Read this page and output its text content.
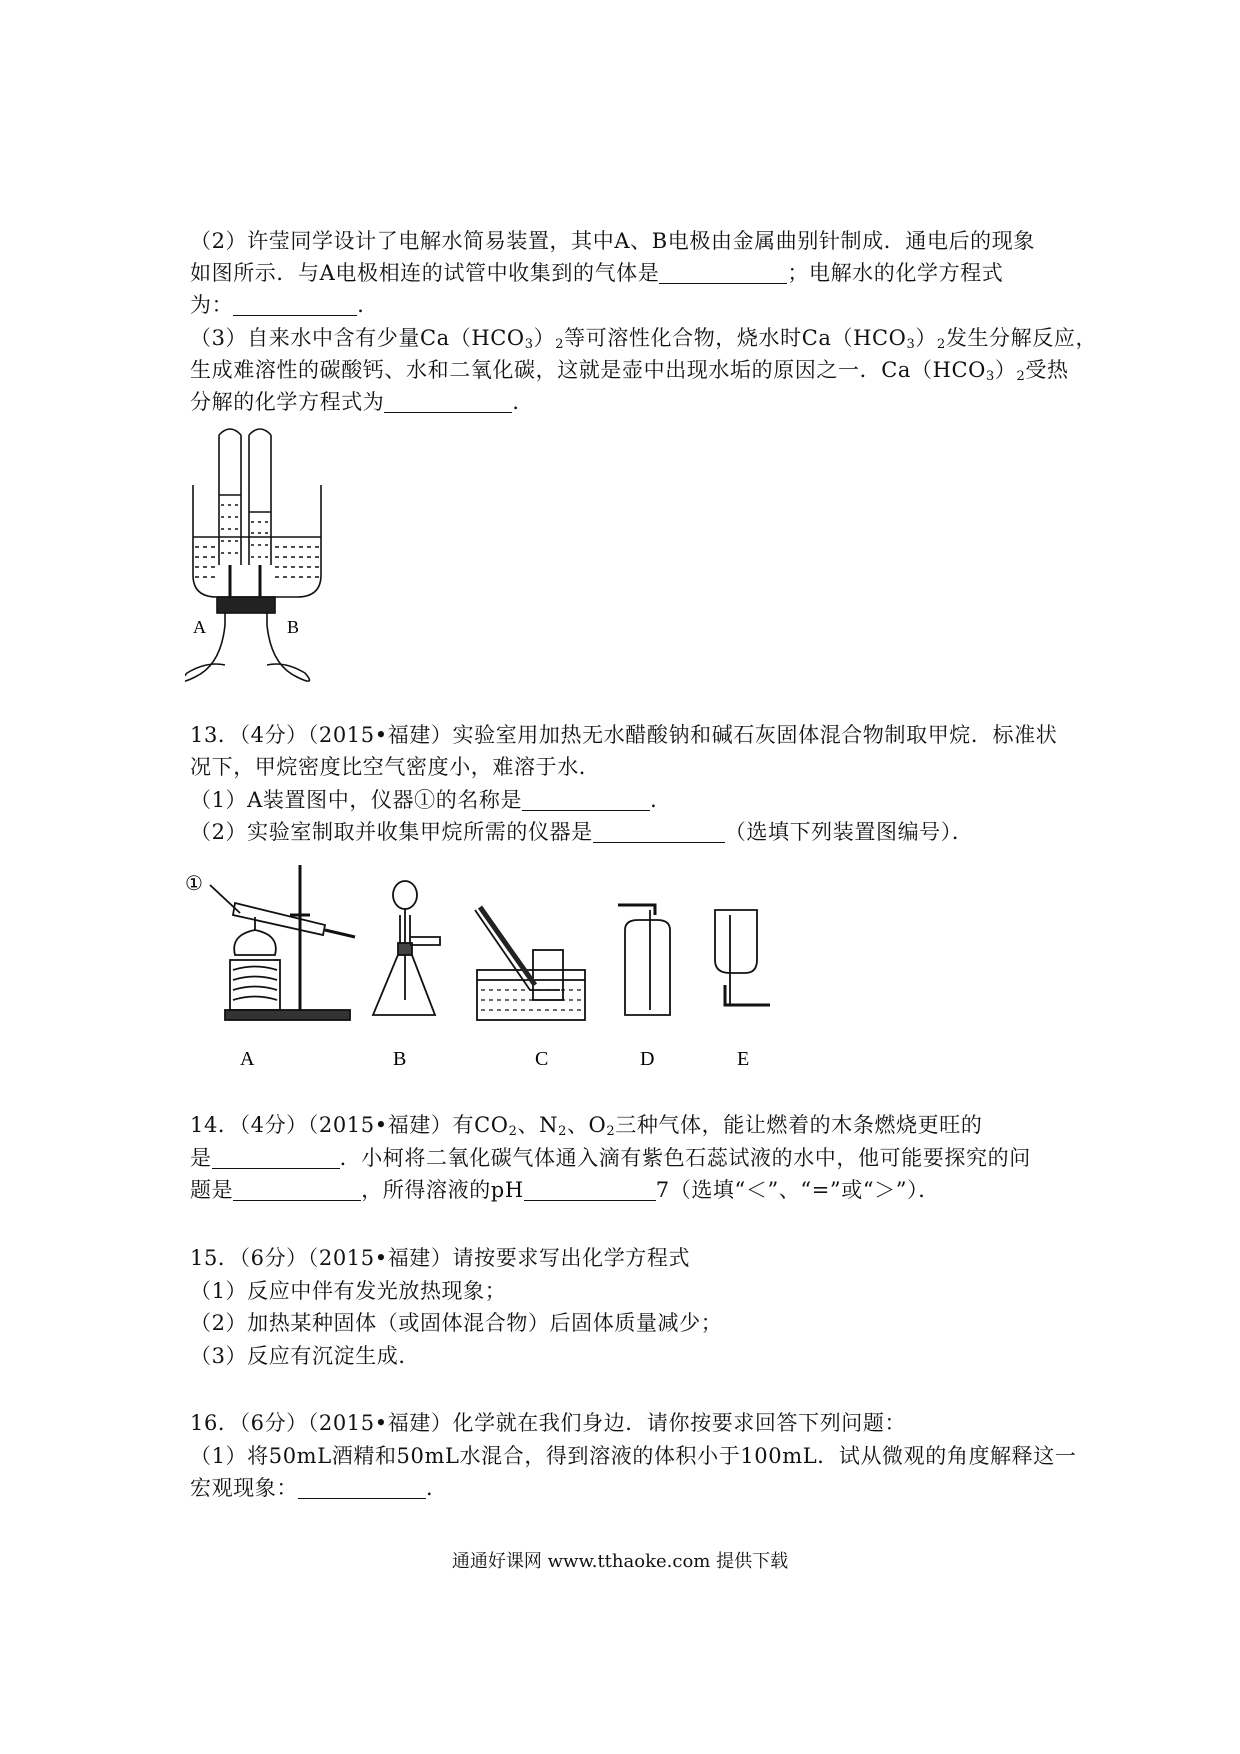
（2）许莹同学设计了电解水简易装置，其中A、B电极由金属曲别针制成．通电后的现象
如图所示．与A电极相连的试管中收集到的气体是	；电解水的化学方程式
为：	．
（3）自来水中含有少量$Ca(HCO_3)_2$等可溶性化合物，烧水时$Ca(HCO_3)_2$发生分解反应，
生成难溶性的碳酸钙、水和二氧化碳，这就是壶中出现水垢的原因之一．$Ca(HCO_3)_2$受热
分解的化学方程式为	．
A	B
13．（4分）（2015•福建）实验室用加热无水醋酸钠和碱石灰固体混合物制取甲烷．标准状
况下，甲烷密度比空气密度小，难溶于水．
（1）A装置图中，仪器①的名称是	．
（2）实验室制取并收集甲烷所需的仪器是	（选填下列装置图编号）．
①
A	B	C	D	E
14．（4分）（2015•福建）有$CO_2$、$N_2$、$O_2$三种气体，能让燃着的木条燃烧更旺的
是	．小柯将二氧化碳气体通入滴有紫色石蕊试液的水中，他可能要探究的问
题是	，所得溶液的pH	7（选填“＜”、“=”或“＞”）．
15．（6分）（2015•福建）请按要求写出化学方程式
（1）反应中伴有发光放热现象；
（2）加热某种固体（或固体混合物）后固体质量减少；
（3）反应有沉淀生成．
16．（6分）（2015•福建）化学就在我们身边．请你按要求回答下列问题：
（1）将50mL酒精和50mL水混合，得到溶液的体积小于100mL．试从微观的角度解释这一
宏观现象：	．
通通好课网 www.tthaoke.com 提供下载
